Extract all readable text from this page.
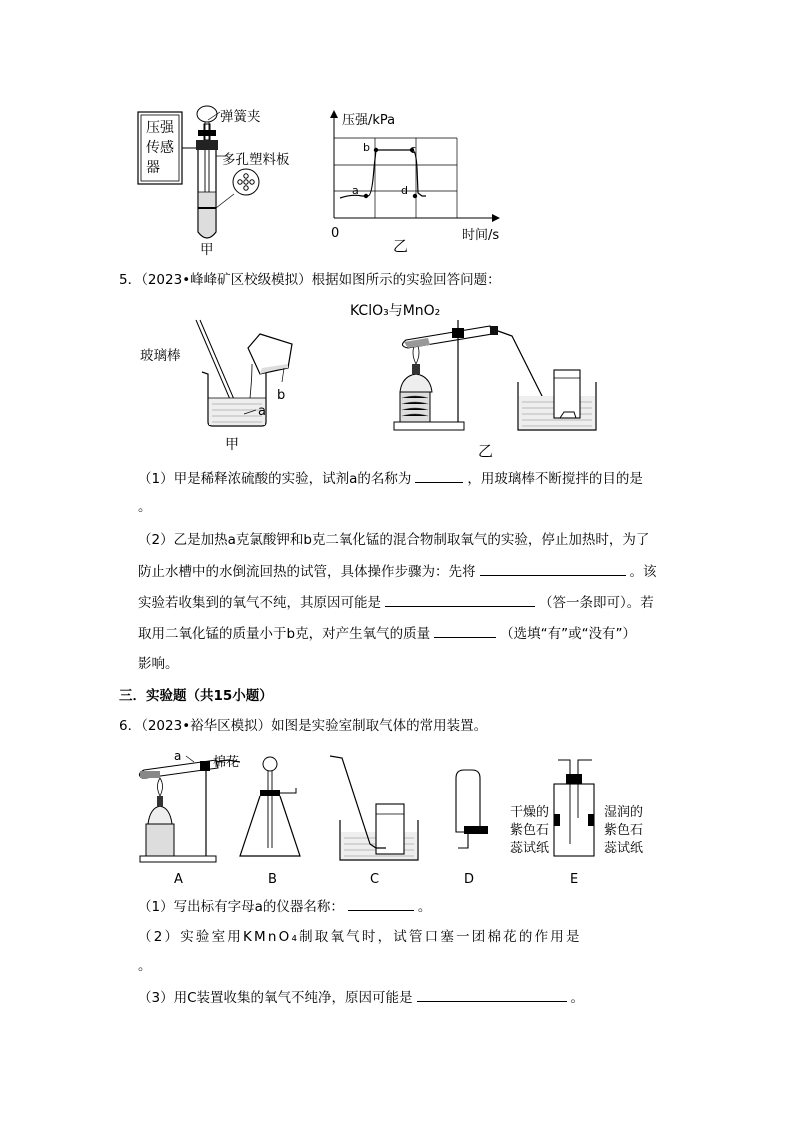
压强
传感
器
弹簧夹
多孔塑料板
甲
压强/kPa
0	时间/s
a
b	c
d
乙
5．（2023•峰峰矿区校级模拟）根据如图所示的实验回答问题：
玻璃棒
a
b
甲
KClO₃与MnO₂
乙
（1）甲是稀释浓硫酸的实验，试剂a的名称为	，用玻璃棒不断搅拌的目的是
。
（2）乙是加热a克氯酸钾和b克二氧化锰的混合物制取氧气的实验，停止加热时，为了
防止水槽中的水倒流回热的试管，具体操作步骤为：先将	。该
实验若收集到的氧气不纯，其原因可能是	（答一条即可）。若
取用二氧化锰的质量小于b克，对产生氧气的质量	（选填“有”或“没有”）
影响。
三．实验题（共15小题）
6．（2023•裕华区模拟）如图是实验室制取气体的常用装置。
a 棉花
干燥的
紫色石
蕊试纸
湿润的
紫色石
蕊试纸
A	B	C	D	E
（1）写出标有字母a的仪器名称：	。
（2）实验室用KMnO₄制取氧气时，试管口塞一团棉花的作用是
。
（3）用C装置收集的氧气不纯净，原因可能是	。
